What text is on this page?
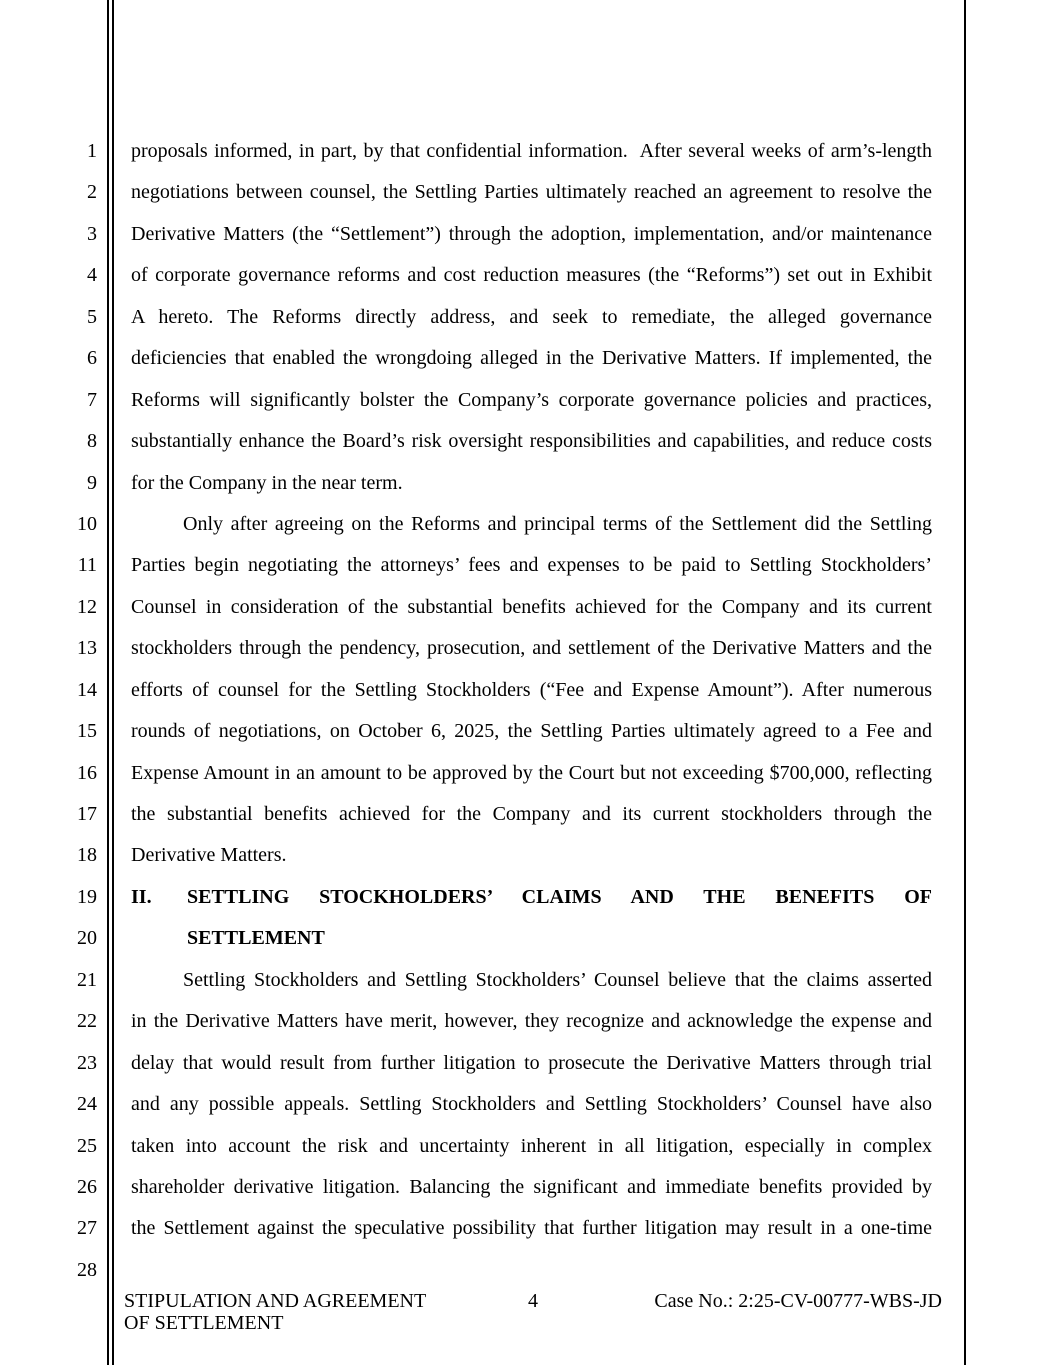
1
2
3
4
5
6
7
8
9
10
11
12
13
14
15
16
17
18
19
20
21
22
23
24
25
26
27
28
proposals informed, in part, by that confidential information.  After several weeks of arm’s-length
negotiations between counsel, the Settling Parties ultimately reached an agreement to resolve the
Derivative Matters (the “Settlement”) through the adoption, implementation, and/or maintenance
of corporate governance reforms and cost reduction measures (the “Reforms”) set out in Exhibit
A hereto. The Reforms directly address, and seek to remediate, the alleged governance
deficiencies that enabled the wrongdoing alleged in the Derivative Matters. If implemented, the
Reforms will significantly bolster the Company’s corporate governance policies and practices,
substantially enhance the Board’s risk oversight responsibilities and capabilities, and reduce costs
for the Company in the near term.
Only after agreeing on the Reforms and principal terms of the Settlement did the Settling
Parties begin negotiating the attorneys’ fees and expenses to be paid to Settling Stockholders’
Counsel in consideration of the substantial benefits achieved for the Company and its current
stockholders through the pendency, prosecution, and settlement of the Derivative Matters and the
efforts of counsel for the Settling Stockholders (“Fee and Expense Amount”). After numerous
rounds of negotiations, on October 6, 2025, the Settling Parties ultimately agreed to a Fee and
Expense Amount in an amount to be approved by the Court but not exceeding $700,000, reflecting
the substantial benefits achieved for the Company and its current stockholders through the
Derivative Matters.
II.	SETTLING STOCKHOLDERS’ CLAIMS AND THE BENEFITS OF
SETTLEMENT
Settling Stockholders and Settling Stockholders’ Counsel believe that the claims asserted
in the Derivative Matters have merit, however, they recognize and acknowledge the expense and
delay that would result from further litigation to prosecute the Derivative Matters through trial
and any possible appeals. Settling Stockholders and Settling Stockholders’ Counsel have also
taken into account the risk and uncertainty inherent in all litigation, especially in complex
shareholder derivative litigation. Balancing the significant and immediate benefits provided by
the Settlement against the speculative possibility that further litigation may result in a one-time
4
STIPULATION AND AGREEMENT
OF SETTLEMENT
Case No.: 2:25-CV-00777-WBS-JD
